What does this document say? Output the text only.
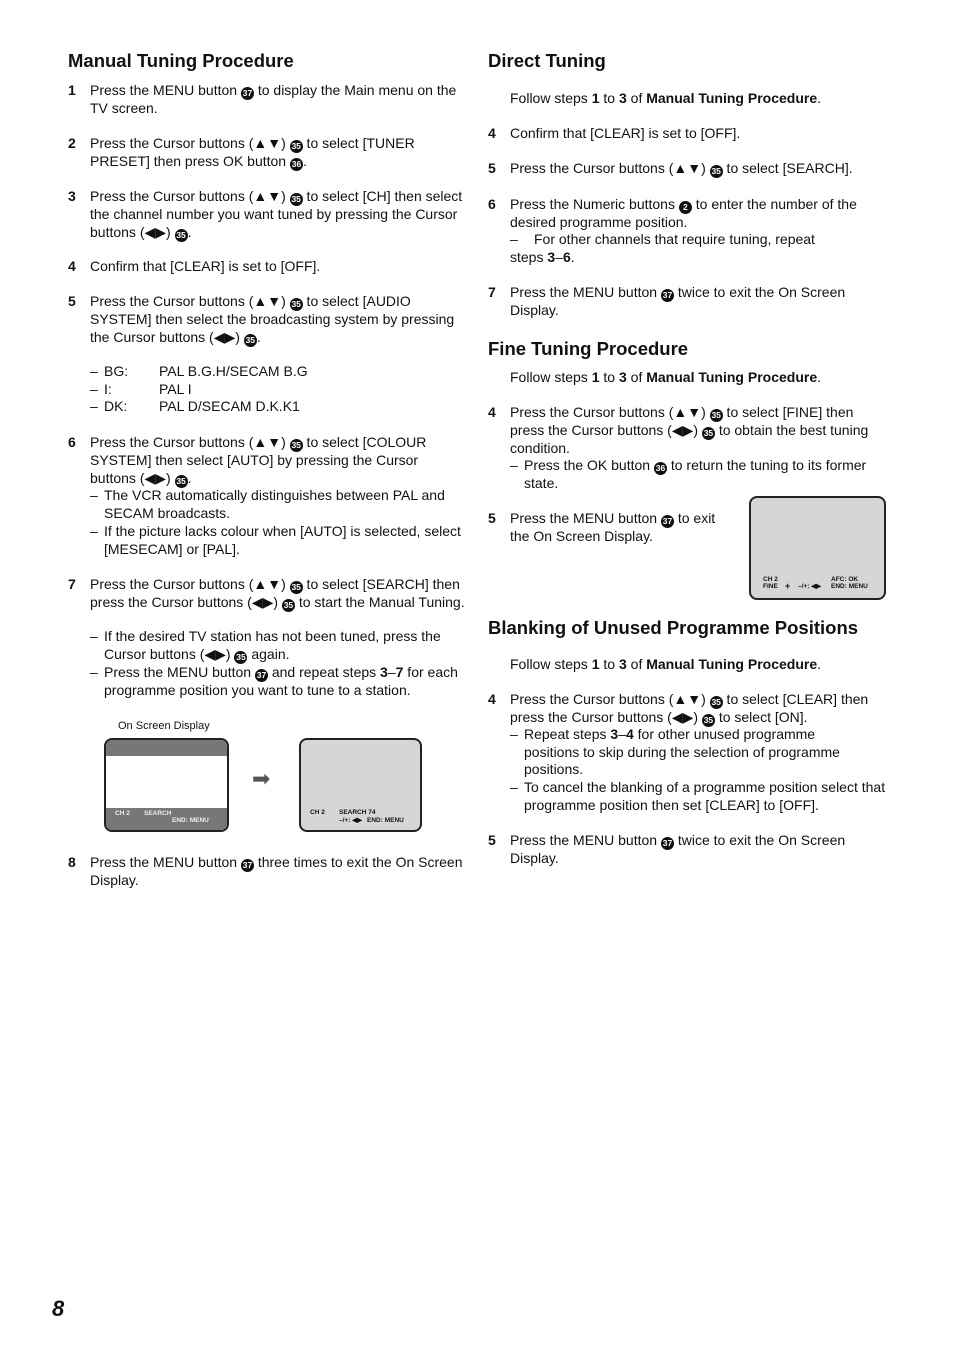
Manual Tuning Procedure
1 Press the MENU button 37 to display the Main menu on the TV screen.
2 Press the Cursor buttons (▲▼) 35 to select [TUNER PRESET] then press OK button 36 .
3 Press the Cursor buttons (▲▼) 35 to select [CH] then select the channel number you want tuned by pressing the Cursor buttons (◀▶) 35 .
4 Confirm that [CLEAR] is set to [OFF].
5 Press the Cursor buttons (▲▼) 35 to select [AUDIO SYSTEM] then select the broadcasting system by pressing the Cursor buttons (◀▶) 35 .
– BG: PAL B.G.H/SECAM B.G
– I:	PAL I
– DK: PAL D/SECAM D.K.K1
6 Press the Cursor buttons (▲▼) 35 to select [COLOUR SYSTEM] then select [AUTO] by pressing the Cursor buttons (◀▶) 35 .
– The VCR automatically distinguishes between PAL and SECAM broadcasts.
– If the picture lacks colour when [AUTO] is selected, select [MESECAM] or [PAL].
7 Press the Cursor buttons (▲▼) 35 to select [SEARCH] then press the Cursor buttons (◀▶) 35 to start the Manual Tuning.
– If the desired TV station has not been tuned, press the Cursor buttons (◀▶) 35 again.
– Press the MENU button 37 and repeat steps 3–7 for each programme position you want to tune to a station.
On Screen Display
CH 2 SEARCH
END: MENU
➡
CH 2 SEARCH 74
–/+: ◀▶ END: MENU
8 Press the MENU button 37 three times to exit the On Screen Display.
Direct Tuning
Follow steps 1 to 3 of Manual Tuning Procedure.
4 Confirm that [CLEAR] is set to [OFF].
5 Press the Cursor buttons (▲▼) 35 to select [SEARCH].
6 Press the Numeric buttons 2 to enter the number of the desired programme position.
–	For other channels that require tuning, repeat steps 3–6.
7 Press the MENU button 37 twice to exit the On Screen Display.
Fine Tuning Procedure
Follow steps 1 to 3 of Manual Tuning Procedure.
4 Press the Cursor buttons (▲▼) 35 to select [FINE] then press the Cursor buttons (◀▶) 35 to obtain the best tuning condition.
– Press the OK button 36 to return the tuning to its former state.
5 Press the MENU button 37 to exit the On Screen Display.
CH 2
FINE + –/+: ◀▶
AFC: OK
END: MENU
Blanking of Unused Programme Positions
Follow steps 1 to 3 of Manual Tuning Procedure.
4 Press the Cursor buttons (▲▼) 35 to select [CLEAR] then press the Cursor buttons (◀▶) 35 to select [ON].
– Repeat steps 3–4 for other unused programme positions to skip during the selection of programme positions.
– To cancel the blanking of a programme position select that programme position then set [CLEAR] to [OFF].
5 Press the MENU button 37 twice to exit the On Screen Display.
8
